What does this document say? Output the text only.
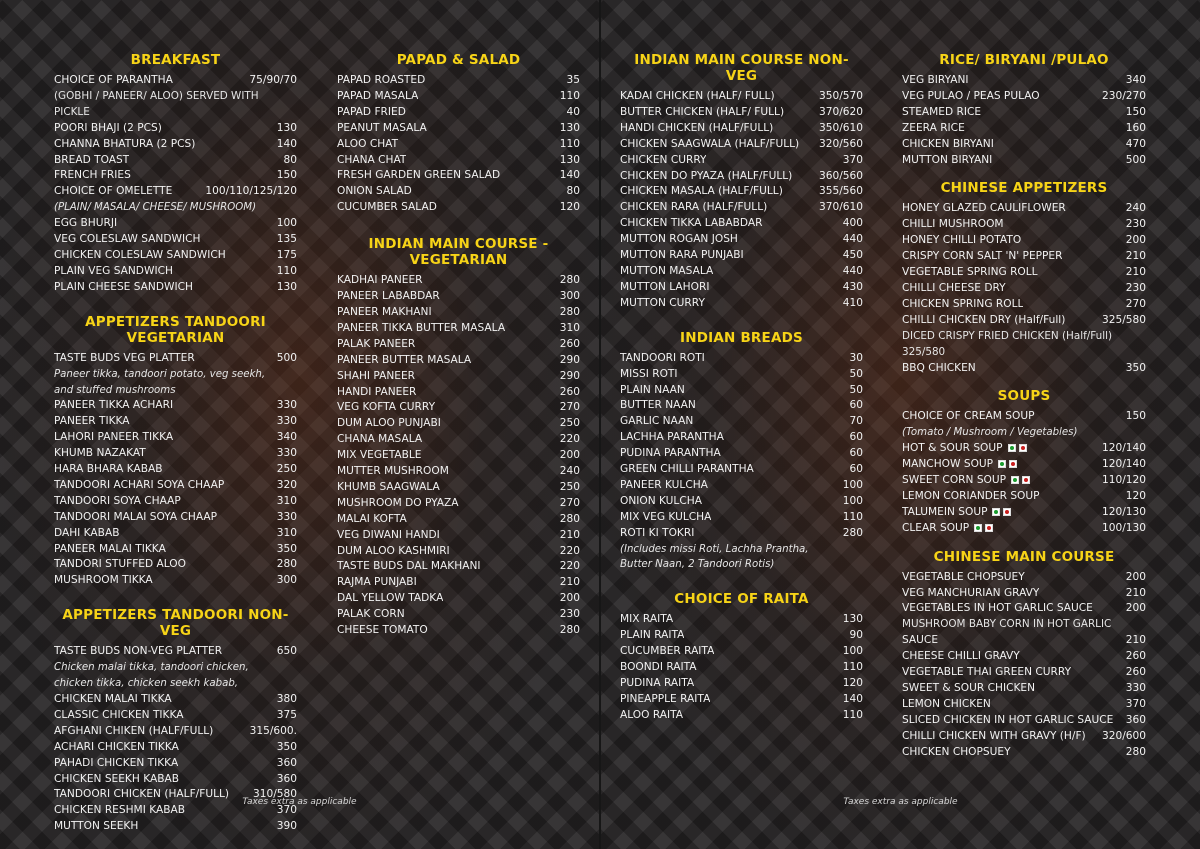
BREAKFAST
CHOICE OF PARANTHA	75/90/70
(GOBHI / PANEER/ ALOO) SERVED WITH PICKLE
POORI BHAJI (2 PCS)	130
CHANNA BHATURA (2 PCS)	140
BREAD TOAST	80
FRENCH FRIES	150
CHOICE OF OMELETTE	100/110/125/120
(PLAIN/ MASALA/ CHEESE/ MUSHROOM)
EGG BHURJI	100
VEG COLESLAW SANDWICH	135
CHICKEN COLESLAW SANDWICH	175
PLAIN VEG SANDWICH	110
PLAIN CHEESE SANDWICH	130
APPETIZERS TANDOORI VEGETARIAN
TASTE BUDS VEG PLATTER	500
Paneer tikka, tandoori potato, veg seekh,
and stuffed mushrooms
PANEER TIKKA ACHARI	330
PANEER TIKKA	330
LAHORI PANEER TIKKA	340
KHUMB NAZAKAT	330
HARA BHARA KABAB	250
TANDOORI ACHARI SOYA CHAAP	320
TANDOORI SOYA CHAAP	310
TANDOORI MALAI SOYA CHAAP	330
DAHI KABAB	310
PANEER MALAI TIKKA	350
TANDORI STUFFED ALOO	280
MUSHROOM TIKKA	300
APPETIZERS TANDOORI NON- VEG
TASTE BUDS NON-VEG PLATTER	650
Chicken malai tikka, tandoori chicken,
chicken tikka, chicken seekh kabab,
CHICKEN MALAI TIKKA	380
CLASSIC CHICKEN TIKKA	375
AFGHANI CHIKEN (HALF/FULL)	315/600.
ACHARI CHICKEN TIKKA	350
PAHADI CHICKEN TIKKA	360
CHICKEN SEEKH KABAB	360
TANDOORI CHICKEN (HALF/FULL)	310/580
CHICKEN RESHMI KABAB	370
MUTTON SEEKH	390
PAPAD & SALAD
PAPAD ROASTED	35
PAPAD MASALA	110
PAPAD FRIED	40
PEANUT MASALA	130
ALOO CHAT	110
CHANA CHAT	130
FRESH GARDEN GREEN SALAD	140
ONION SALAD	80
CUCUMBER SALAD	120
INDIAN MAIN COURSE - VEGETARIAN
KADHAI PANEER	280
PANEER LABABDAR	300
PANEER MAKHANI	280
PANEER TIKKA BUTTER MASALA	310
PALAK PANEER	260
PANEER BUTTER MASALA	290
SHAHI PANEER	290
HANDI PANEER	260
VEG KOFTA CURRY	270
DUM ALOO PUNJABI	250
CHANA MASALA	220
MIX VEGETABLE	200
MUTTER MUSHROOM	240
KHUMB SAAGWALA	250
MUSHROOM DO PYAZA	270
MALAI KOFTA	280
VEG DIWANI HANDI	210
DUM ALOO KASHMIRI	220
TASTE BUDS DAL MAKHANI	220
RAJMA PUNJABI	210
DAL YELLOW TADKA	200
PALAK CORN	230
CHEESE TOMATO	280
Taxes extra as applicable
INDIAN MAIN COURSE NON-VEG
KADAI CHICKEN (HALF/ FULL)	350/570
BUTTER CHICKEN (HALF/ FULL)	370/620
HANDI CHICKEN (HALF/FULL)	350/610
CHICKEN SAAGWALA (HALF/FULL)	320/560
CHICKEN CURRY	370
CHICKEN DO PYAZA (HALF/FULL)	360/560
CHICKEN MASALA (HALF/FULL)	355/560
CHICKEN RARA (HALF/FULL)	370/610
CHICKEN TIKKA LABABDAR	400
MUTTON ROGAN JOSH	440
MUTTON RARA PUNJABI	450
MUTTON MASALA	440
MUTTON LAHORI	430
MUTTON CURRY	410
INDIAN BREADS
TANDOORI ROTI	30
MISSI ROTI	50
PLAIN NAAN	50
BUTTER NAAN	60
GARLIC NAAN	70
LACHHA PARANTHA	60
PUDINA PARANTHA	60
GREEN CHILLI PARANTHA	60
PANEER KULCHA	100
ONION KULCHA	100
MIX VEG KULCHA	110
ROTI KI TOKRI	280
(Includes missi Roti, Lachha Prantha,
Butter Naan, 2 Tandoori Rotis)
CHOICE OF RAITA
MIX RAITA	130
PLAIN RAITA	90
CUCUMBER RAITA	100
BOONDI RAITA	110
PUDINA RAITA	120
PINEAPPLE RAITA	140
ALOO RAITA	110
RICE/ BIRYANI /PULAO
VEG BIRYANI	340
VEG PULAO / PEAS PULAO	230/270
STEAMED RICE	150
ZEERA RICE	160
CHICKEN BIRYANI	470
MUTTON BIRYANI	500
CHINESE APPETIZERS
HONEY GLAZED CAULIFLOWER	240
CHILLI MUSHROOM	230
HONEY CHILLI POTATO	200
CRISPY CORN SALT 'N' PEPPER	210
VEGETABLE SPRING ROLL	210
CHILLI CHEESE DRY	230
CHICKEN SPRING ROLL	270
CHILLI CHICKEN DRY (Half/Full)	325/580
DICED CRISPY FRIED CHICKEN (Half/Full)
325/580
BBQ CHICKEN	350
SOUPS
CHOICE OF CREAM SOUP	150
(Tomato / Mushroom / Vegetables)
HOT & SOUR SOUP	120/140
MANCHOW SOUP	120/140
SWEET CORN SOUP	110/120
LEMON CORIANDER SOUP	120
TALUMEIN SOUP	120/130
CLEAR SOUP	100/130
CHINESE MAIN COURSE
VEGETABLE CHOPSUEY	200
VEG MANCHURIAN GRAVY	210
VEGETABLES IN HOT GARLIC SAUCE	200
MUSHROOM BABY CORN IN HOT GARLIC
SAUCE	210
CHEESE CHILLI GRAVY	260
VEGETABLE THAI GREEN CURRY	260
SWEET & SOUR CHICKEN	330
LEMON CHICKEN	370
SLICED CHICKEN IN HOT GARLIC SAUCE	360
CHILLI CHICKEN WITH GRAVY (H/F)	320/600
CHICKEN CHOPSUEY	280
Taxes extra as applicable
